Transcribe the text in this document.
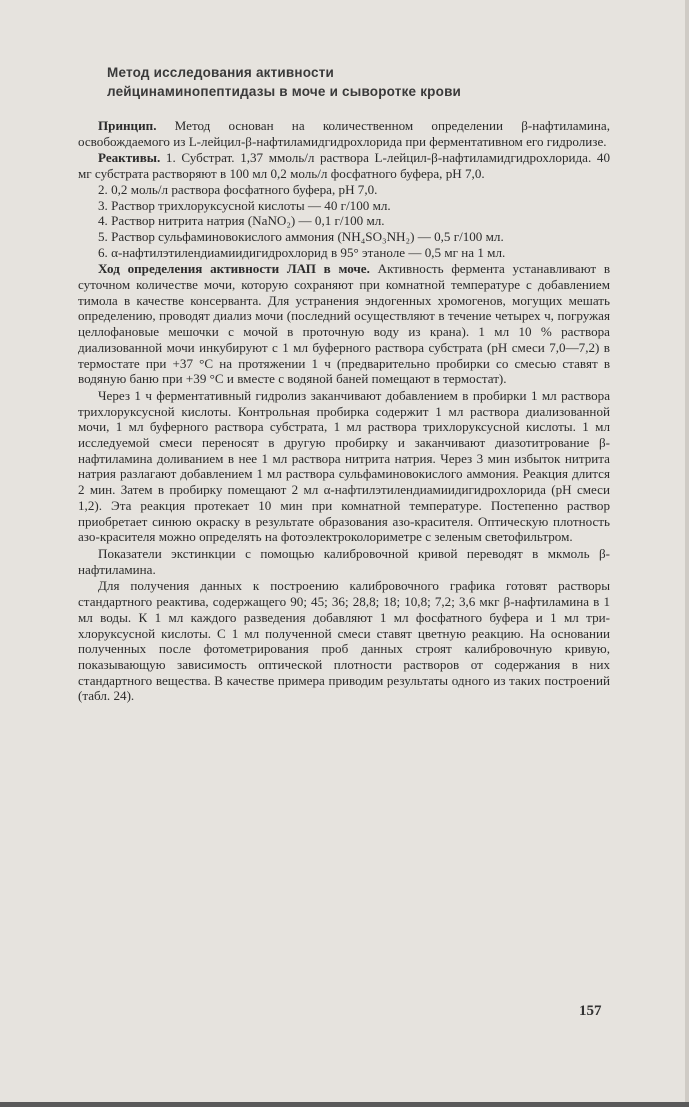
Метод исследования активности
лейцинаминопептидазы в моче и сыворотке крови

Принцип. Метод основан на количественном определении β-нафтиламина, освобождаемого из L-лейцил-β-нафтиламидгидрохлорида при ферментативном его гидролизе.

Реактивы. 1. Субстрат. 1,37 ммоль/л раствора L-лейцил-β-нафтиламидгидрохлорида. 40 мг субстрата растворяют в 100 мл 0,2 моль/л фосфатного буфера, pH 7,0.

2. 0,2 моль/л раствора фосфатного буфера, pH 7,0.

3. Раствор трихлоруксусной кислоты — 40 г/100 мл.

4. Раствор нитрита натрия (NaNO₂) — 0,1 г/100 мл.

5. Раствор сульфаминовокислого аммония (NH₄SO₃NH₂) — 0,5 г/100 мл.

6. α-нафтилэтилендиамиидигидрохлорид в 95° этаноле — 0,5 мг на 1 мл.

Ход определения активности ЛАП в моче. Активность фермента устанавливают в суточном количестве мочи, которую сохраняют при комнатной температуре с добавлением тимола в качестве консерванта. Для устранения эндогенных хромогенов, могущих мешать определению, проводят диализ мочи (последний осуществляют в течение четырех ч, погружая целлофановые мешочки с мочой в проточную воду из крана). 1 мл 10 % раствора диализованной мочи инкубируют с 1 мл буферного раствора субстрата (pH смеси 7,0—7,2) в термостате при +37 °С на протяжении 1 ч (предварительно пробирки со смесью ставят в водяную баню при +39 °С и вместе с водяной баней помещают в термостат).

Через 1 ч ферментативный гидролиз заканчивают добавлением в пробирки 1 мл раствора трихлоруксусной кислоты. Контрольная пробирка содержит 1 мл раствора диализованной мочи, 1 мл буферного раствора субстрата, 1 мл раствора трихлоруксусной кислоты. 1 мл исследуемой смеси переносят в другую пробирку и заканчивают диазотитрование β-нафтиламина доливанием в нее 1 мл раствора нитрита натрия. Через 3 мин избыток нитрита натрия разлагают добавлением 1 мл раствора сульфаминовокислого аммония. Реакция длится 2 мин. Затем в пробирку помещают 2 мл α-нафтилэтилендиамиидигидрохлорида (pH смеси 1,2). Эта реакция протекает 10 мин при комнатной температуре. Постепенно раствор приобретает синюю окраску в результате образования азо-красителя. Оптическую плотность азо-красителя можно определять на фотоэлектроколориметре с зеленым светофильтром.

Показатели экстинкции с помощью калибровочной кривой переводят в мкмоль β-нафтиламина.

Для получения данных к построению калибровочного графика готовят растворы стандартного реактива, содержащего 90; 45; 36; 28,8; 18; 10,8; 7,2; 3,6 мкг β-нафтиламина в 1 мл воды. К 1 мл каждого разведения добавляют 1 мл фосфатного буфера и 1 мл трихлоруксусной кислоты. С 1 мл полученной смеси ставят цветную реакцию. На основании полученных после фотометрирования проб данных строят калибровочную кривую, показывающую зависимость оптической плотности растворов от содержания в них стандартного вещества. В качестве примера приводим результаты одного из таких построений (табл. 24).

157
